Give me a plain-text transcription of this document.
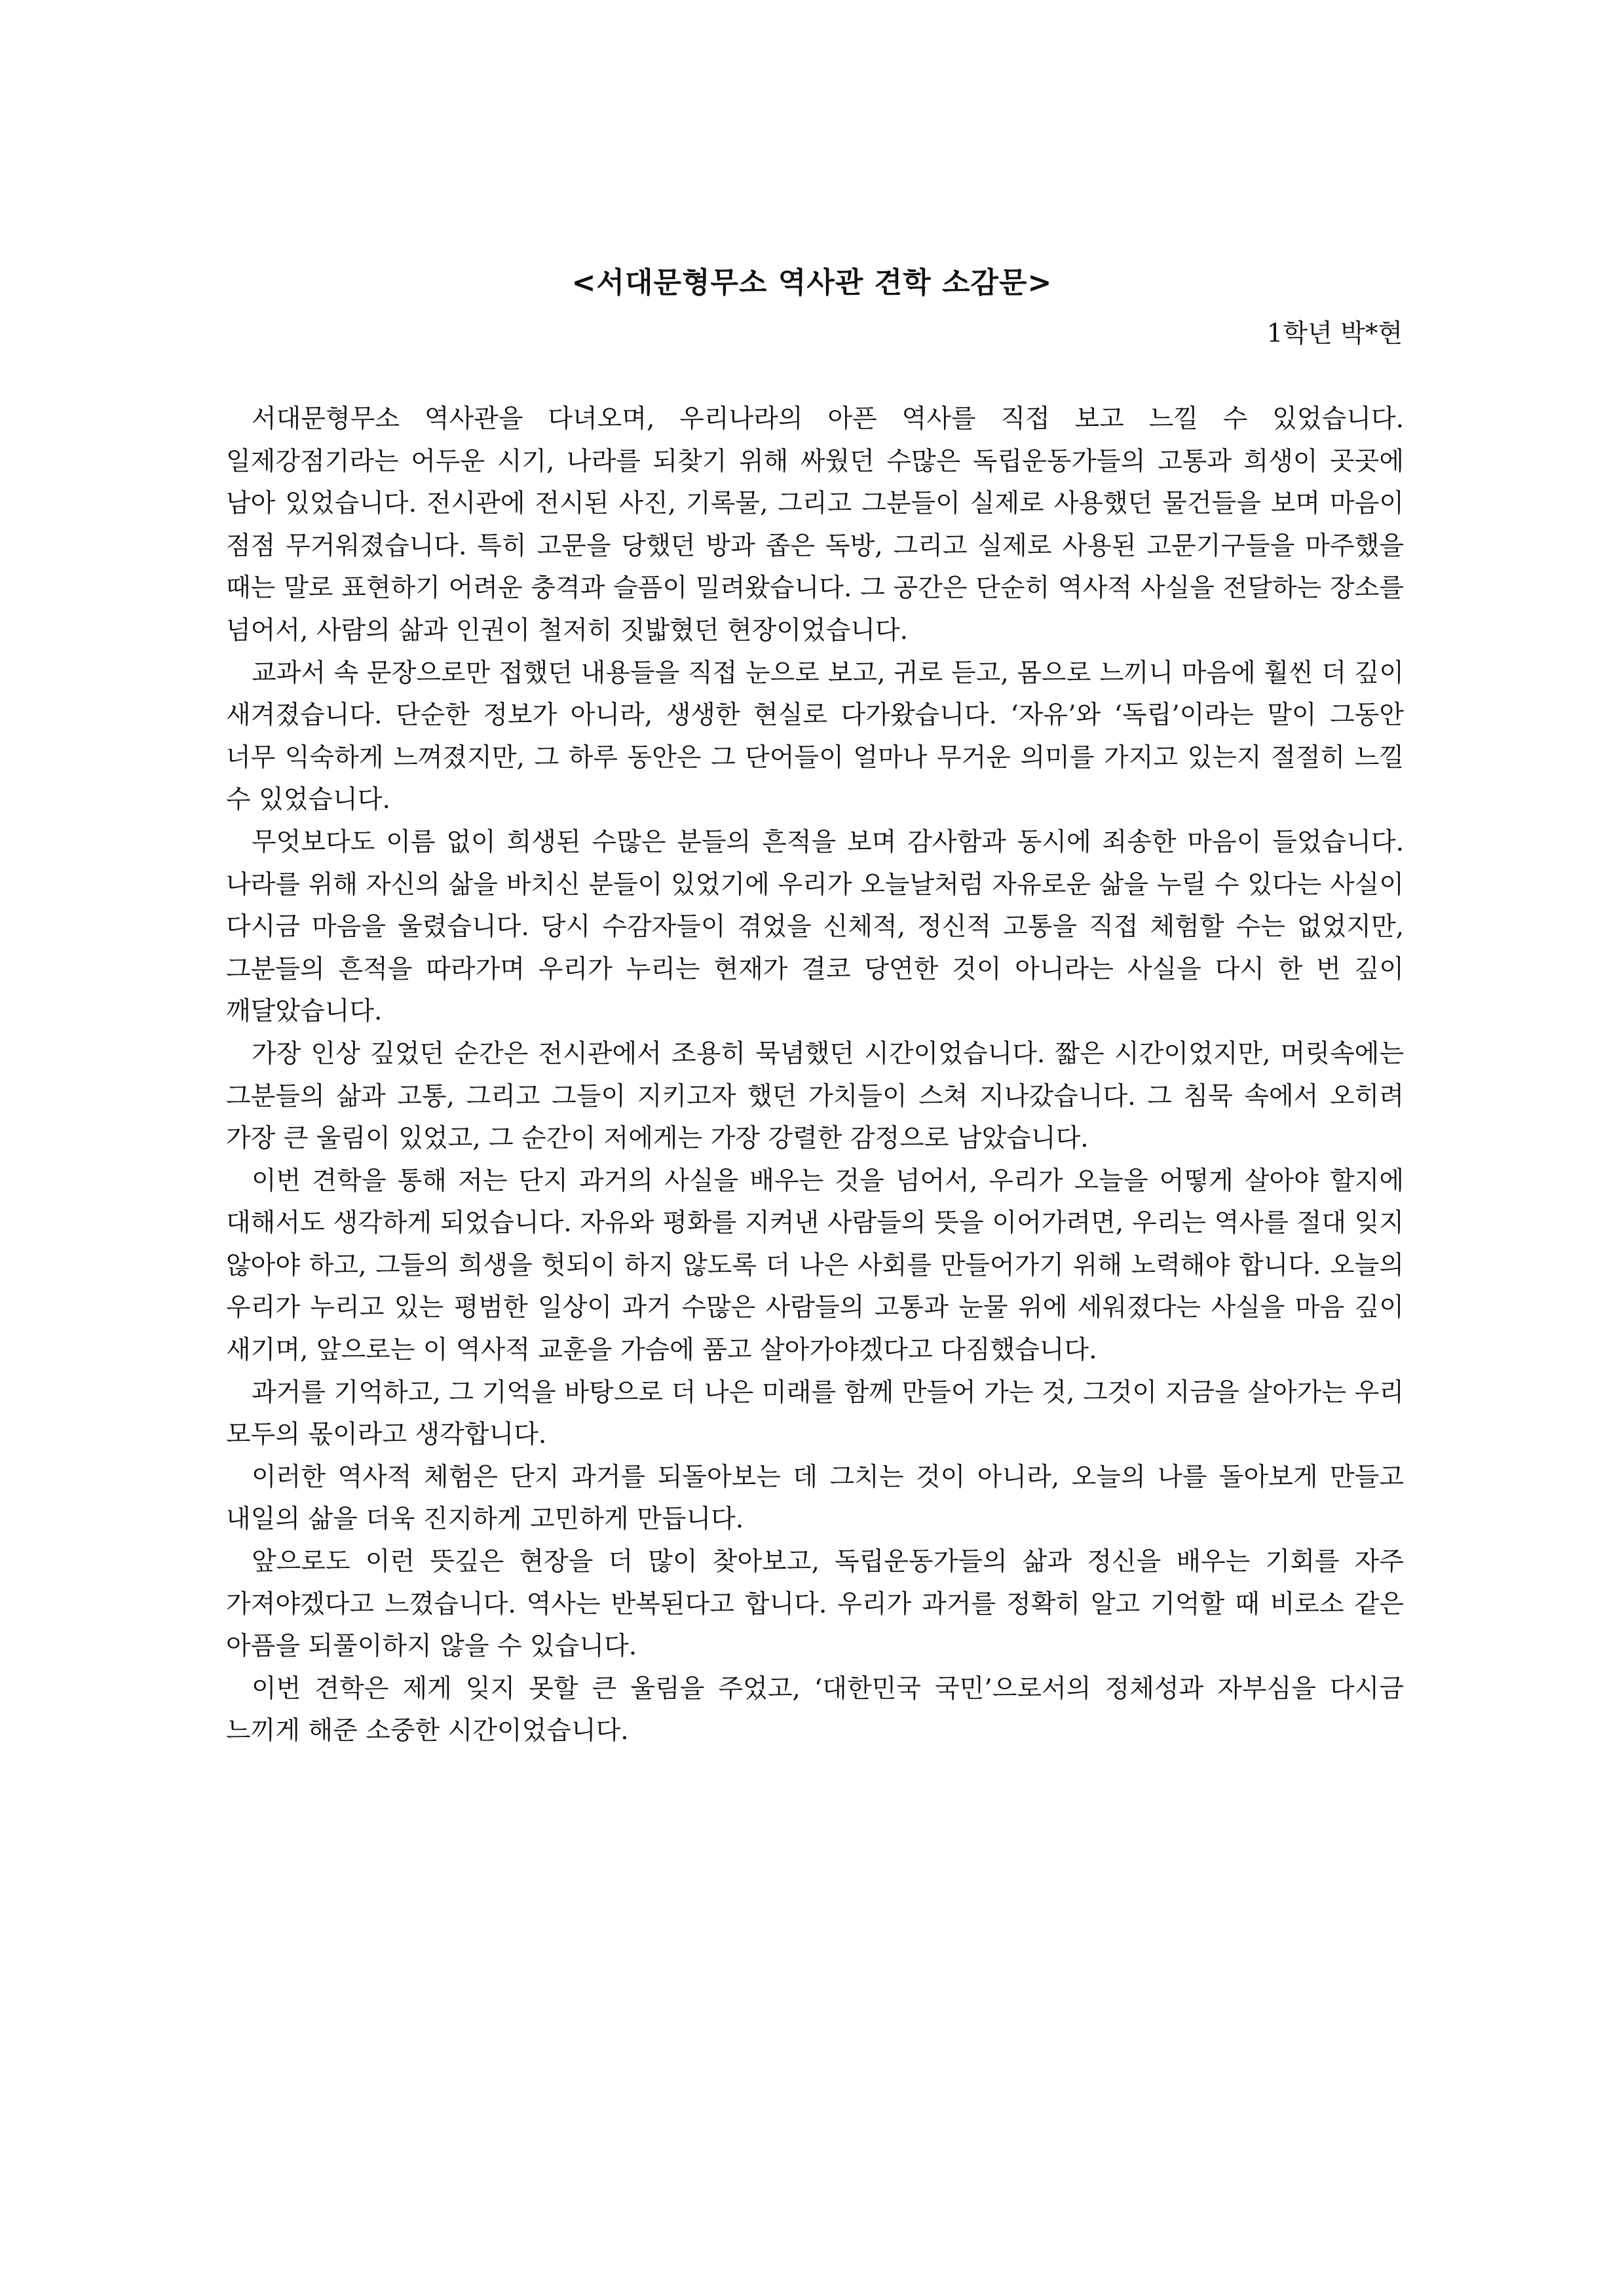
<서대문형무소 역사관 견학 소감문>
1학년 박*현

서대문형무소 역사관을 다녀오며, 우리나라의 아픈 역사를 직접 보고 느낄 수 있었습니다. 일제강점기라는 어두운 시기, 나라를 되찾기 위해 싸웠던 수많은 독립운동가들의 고통과 희생이 곳곳에 남아 있었습니다. 전시관에 전시된 사진, 기록물, 그리고 그분들이 실제로 사용했던 물건들을 보며 마음이 점점 무거워졌습니다. 특히 고문을 당했던 방과 좁은 독방, 그리고 실제로 사용된 고문기구들을 마주했을 때는 말로 표현하기 어려운 충격과 슬픔이 밀려왔습니다. 그 공간은 단순히 역사적 사실을 전달하는 장소를 넘어서, 사람의 삶과 인권이 철저히 짓밟혔던 현장이었습니다.

교과서 속 문장으로만 접했던 내용들을 직접 눈으로 보고, 귀로 듣고, 몸으로 느끼니 마음에 훨씬 더 깊이 새겨졌습니다. 단순한 정보가 아니라, 생생한 현실로 다가왔습니다. ‘자유’와 ‘독립’이라는 말이 그동안 너무 익숙하게 느껴졌지만, 그 하루 동안은 그 단어들이 얼마나 무거운 의미를 가지고 있는지 절절히 느낄 수 있었습니다.

무엇보다도 이름 없이 희생된 수많은 분들의 흔적을 보며 감사함과 동시에 죄송한 마음이 들었습니다. 나라를 위해 자신의 삶을 바치신 분들이 있었기에 우리가 오늘날처럼 자유로운 삶을 누릴 수 있다는 사실이 다시금 마음을 울렸습니다. 당시 수감자들이 겪었을 신체적, 정신적 고통을 직접 체험할 수는 없었지만, 그분들의 흔적을 따라가며 우리가 누리는 현재가 결코 당연한 것이 아니라는 사실을 다시 한 번 깊이 깨달았습니다.

가장 인상 깊었던 순간은 전시관에서 조용히 묵념했던 시간이었습니다. 짧은 시간이었지만, 머릿속에는 그분들의 삶과 고통, 그리고 그들이 지키고자 했던 가치들이 스쳐 지나갔습니다. 그 침묵 속에서 오히려 가장 큰 울림이 있었고, 그 순간이 저에게는 가장 강렬한 감정으로 남았습니다.

이번 견학을 통해 저는 단지 과거의 사실을 배우는 것을 넘어서, 우리가 오늘을 어떻게 살아야 할지에 대해서도 생각하게 되었습니다. 자유와 평화를 지켜낸 사람들의 뜻을 이어가려면, 우리는 역사를 절대 잊지 않아야 하고, 그들의 희생을 헛되이 하지 않도록 더 나은 사회를 만들어가기 위해 노력해야 합니다. 오늘의 우리가 누리고 있는 평범한 일상이 과거 수많은 사람들의 고통과 눈물 위에 세워졌다는 사실을 마음 깊이 새기며, 앞으로는 이 역사적 교훈을 가슴에 품고 살아가야겠다고 다짐했습니다.

과거를 기억하고, 그 기억을 바탕으로 더 나은 미래를 함께 만들어 가는 것, 그것이 지금을 살아가는 우리 모두의 몫이라고 생각합니다.

이러한 역사적 체험은 단지 과거를 되돌아보는 데 그치는 것이 아니라, 오늘의 나를 돌아보게 만들고 내일의 삶을 더욱 진지하게 고민하게 만듭니다.

앞으로도 이런 뜻깊은 현장을 더 많이 찾아보고, 독립운동가들의 삶과 정신을 배우는 기회를 자주 가져야겠다고 느꼈습니다. 역사는 반복된다고 합니다. 우리가 과거를 정확히 알고 기억할 때 비로소 같은 아픔을 되풀이하지 않을 수 있습니다.

이번 견학은 제게 잊지 못할 큰 울림을 주었고, ‘대한민국 국민’으로서의 정체성과 자부심을 다시금 느끼게 해준 소중한 시간이었습니다.
